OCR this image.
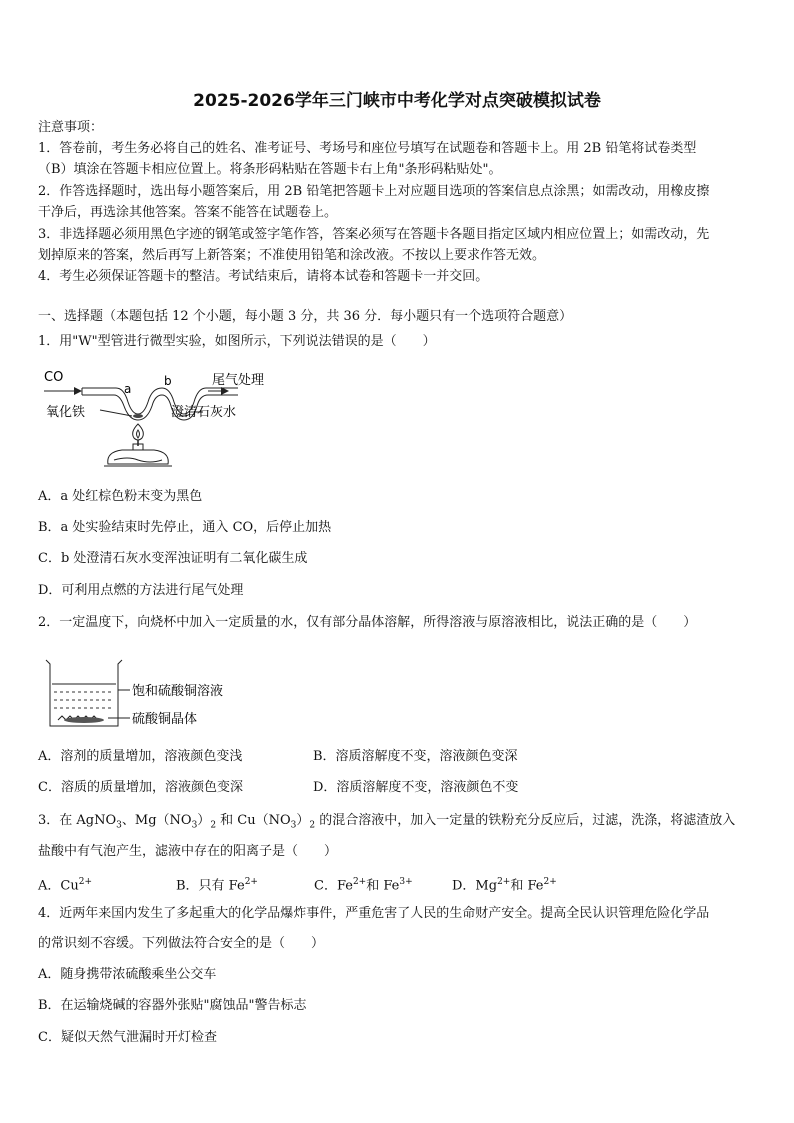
2025-2026学年三门峡市中考化学对点突破模拟试卷
注意事项：
1．答卷前，考生务必将自己的姓名、准考证号、考场号和座位号填写在试题卷和答题卡上。用 2B 铅笔将试卷类型
（B）填涂在答题卡相应位置上。将条形码粘贴在答题卡右上角"条形码粘贴处"。
2．作答选择题时，选出每小题答案后，用 2B 铅笔把答题卡上对应题目选项的答案信息点涂黑；如需改动，用橡皮擦
干净后，再选涂其他答案。答案不能答在试题卷上。
3．非选择题必须用黑色字迹的钢笔或签字笔作答，答案必须写在答题卡各题目指定区域内相应位置上；如需改动，先
划掉原来的答案，然后再写上新答案；不准使用铅笔和涂改液。不按以上要求作答无效。
4．考生必须保证答题卡的整洁。考试结束后，请将本试卷和答题卡一并交回。
一、选择题（本题包括 12 个小题，每小题 3 分，共 36 分．每小题只有一个选项符合题意）
1．用"W"型管进行微型实验，如图所示，下列说法错误的是（　　）
CO
a
b	尾气处理
澄清石灰水
氧化铁
A．a 处红棕色粉末变为黑色
B．a 处实验结束时先停止，通入 CO，后停止加热
C．b 处澄清石灰水变浑浊证明有二氧化碳生成
D．可利用点燃的方法进行尾气处理
2．一定温度下，向烧杯中加入一定质量的水，仅有部分晶体溶解，所得溶液与原溶液相比，说法正确的是（　　）
饱和硫酸铜溶液
硫酸铜晶体
A．溶剂的质量增加，溶液颜色变浅	B．溶质溶解度不变，溶液颜色变深
C．溶质的质量增加，溶液颜色变深	D．溶质溶解度不变，溶液颜色不变
3．在 AgNO$_3$、$Mg(NO_3)_2$ 和 $Cu(NO_3)_2$ 的混合溶液中，加入一定量的铁粉充分反应后，过滤，洗涤，将滤渣放入
盐酸中有气泡产生，滤液中存在的阳离子是（　　）
A．$Cu^{2+}$	B．只有 $Fe^{2+}$	C．$Fe^{2+}$和 $Fe^{3+}$	D．$Mg^{2+}$和 $Fe^{2+}$
4．近两年来国内发生了多起重大的化学品爆炸事件，严重危害了人民的生命财产安全。提高全民认识管理危险化学品
的常识刻不容缓。下列做法符合安全的是（　　）
A．随身携带浓硫酸乘坐公交车
B．在运输烧碱的容器外张贴"腐蚀品"警告标志
C．疑似天然气泄漏时开灯检查
